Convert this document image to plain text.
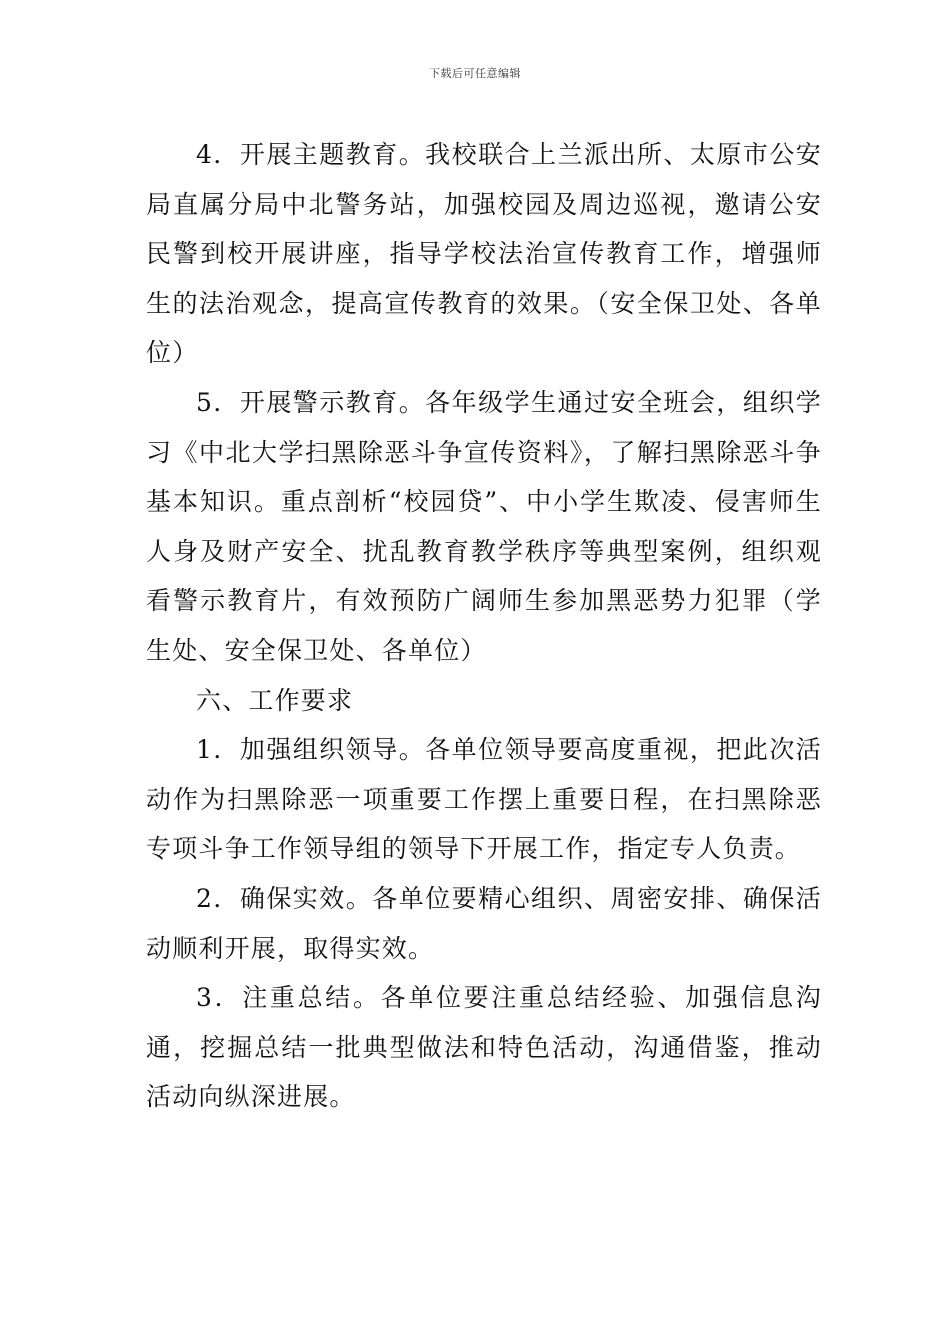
下载后可任意编辑

4．开展主题教育。我校联合上兰派出所、太原市公安局直属分局中北警务站，加强校园及周边巡视，邀请公安民警到校开展讲座，指导学校法治宣传教育工作，增强师生的法治观念，提高宣传教育的效果。（安全保卫处、各单位）

5．开展警示教育。各年级学生通过安全班会，组织学习《中北大学扫黑除恶斗争宣传资料》，了解扫黑除恶斗争基本知识。重点剖析“校园贷”、中小学生欺凌、侵害师生人身及财产安全、扰乱教育教学秩序等典型案例，组织观看警示教育片，有效预防广阔师生参加黑恶势力犯罪（学生处、安全保卫处、各单位）

六、工作要求

1．加强组织领导。各单位领导要高度重视，把此次活动作为扫黑除恶一项重要工作摆上重要日程，在扫黑除恶专项斗争工作领导组的领导下开展工作，指定专人负责。

2．确保实效。各单位要精心组织、周密安排、确保活动顺利开展，取得实效。

3．注重总结。各单位要注重总结经验、加强信息沟通，挖掘总结一批典型做法和特色活动，沟通借鉴，推动活动向纵深进展。
